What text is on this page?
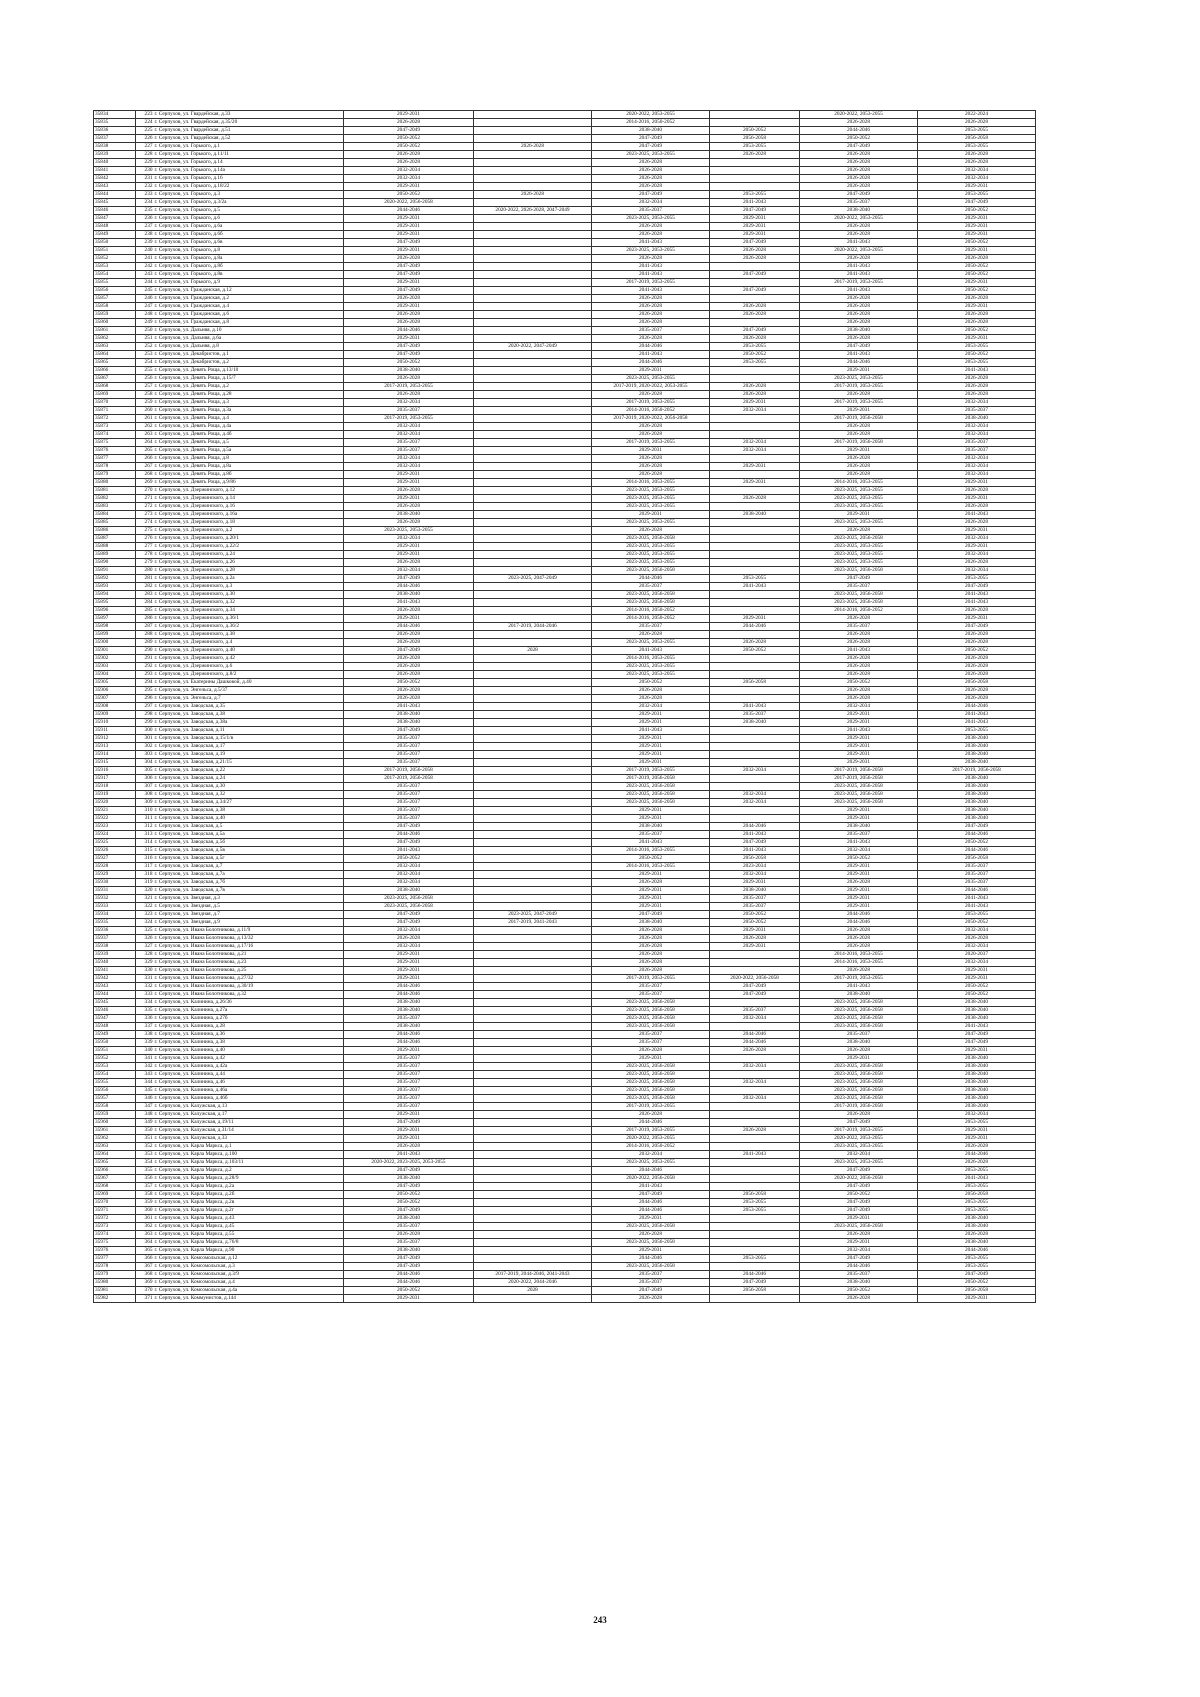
35834	223	г. Серпухов, ул. Гвардейская, д.33	2029-2031		2020-2022, 2053-2055		2020-2022, 2053-2055	2022-2024
35835	224	г. Серпухов, ул. Гвардейская, д.35/20	2026-2028		2014-2016, 2050-2052		2026-2028	2026-2028
35836	225	г. Серпухов, ул. Гвардейская, д.51	2047-2049		2038-2040	2050-2052	2044-2046	2053-2055
35837	226	г. Серпухов, ул. Гвардейская, д.52	2050-2052		2047-2049	2056-2058	2050-2052	2056-2058
35838	227	г. Серпухов, ул. Горького, д.1	2050-2052	2026-2028	2047-2049	2053-2055	2047-2049	2053-2055
35839	228	г. Серпухов, ул. Горького, д.11/11	2026-2028		2023-2025, 2053-2055	2026-2028	2026-2028	2026-2028
35840	229	г. Серпухов, ул. Горького, д.14	2026-2028		2026-2028		2026-2028	2026-2028
35841	230	г. Серпухов, ул. Горького, д.14а	2032-2034		2026-2028		2026-2028	2032-2034
35842	231	г. Серпухов, ул. Горького, д.16	2032-2034		2026-2028		2026-2028	2032-2034
35843	232	г. Серпухов, ул. Горького, д.18/22	2029-2031		2026-2028		2026-2028	2029-2031
35844	233	г. Серпухов, ул. Горького, д.3	2050-2052	2026-2028	2047-2049	2053-2055	2047-2049	2053-2055
35845	234	г. Серпухов, ул. Горького, д.3/2а	2020-2022, 2056-2058		2032-2034	2041-2043	2035-2037	2047-2049
35846	235	г. Серпухов, ул. Горького, д.5	2044-2046	2020-2022, 2026-2028, 2047-2049	2035-2037	2047-2049	2038-2040	2050-2052
35847	236	г. Серпухов, ул. Горького, д.6	2029-2031		2023-2025, 2053-2055	2029-2031	2020-2022, 2053-2055	2029-2031
35848	237	г. Серпухов, ул. Горького, д.6а	2029-2031		2026-2028	2029-2031	2026-2028	2029-2031
35849	238	г. Серпухов, ул. Горького, д.6б	2029-2031		2026-2028	2029-2031	2026-2028	2029-2031
35850	239	г. Серпухов, ул. Горького, д.6в	2047-2049		2041-2043	2047-2049	2041-2043	2050-2052
35851	240	г. Серпухов, ул. Горького, д.8	2029-2031		2023-2025, 2053-2055	2026-2028	2020-2022, 2053-2055	2029-2031
35852	241	г. Серпухов, ул. Горького, д.8а	2026-2028		2026-2028	2026-2028	2026-2028	2026-2028
35853	242	г. Серпухов, ул. Горького, д.8б	2047-2049		2041-2043		2041-2043	2050-2052
35854	243	г. Серпухов, ул. Горького, д.8в	2047-2049		2041-2043	2047-2049	2041-2043	2050-2052
35855	244	г. Серпухов, ул. Горького, д.9	2029-2031		2017-2019, 2053-2055		2017-2019, 2053-2055	2029-2031
35856	245	г. Серпухов, ул. Гражданская, д.12	2047-2049		2041-2043	2047-2049	2041-2043	2050-2052
35857	246	г. Серпухов, ул. Гражданская, д.2	2026-2028		2026-2028		2026-2028	2026-2028
35858	247	г. Серпухов, ул. Гражданская, д.4	2029-2031		2026-2028	2026-2028	2026-2028	2029-2031
35859	248	г. Серпухов, ул. Гражданская, д.6	2026-2028		2026-2028	2026-2028	2026-2028	2026-2028
35860	249	г. Серпухов, ул. Гражданская, д.8	2026-2028		2026-2028		2026-2028	2026-2028
35861	250	г. Серпухов, ул. Дальняя, д.10	2044-2046		2035-2037	2047-2049	2038-2040	2050-2052
35862	251	г. Серпухов, ул. Дальняя, д.6а	2029-2031		2026-2028	2026-2028	2026-2028	2029-2031
35863	252	г. Серпухов, ул. Дальняя, д.8	2047-2049	2020-2022, 2047-2049	2044-2046	2053-2055	2047-2049	2053-2055
35864	253	г. Серпухов, ул. Декабристов, д.1	2047-2049		2041-2043	2050-2052	2041-2043	2050-2052
35865	254	г. Серпухов, ул. Декабристов, д.2	2050-2052		2044-2046	2053-2055	2044-2046	2053-2055
35866	255	г. Серпухов, ул. Девять Роща, д.13/10	2038-2040		2029-2031		2029-2031	2041-2043
35867	256	г. Серпухов, ул. Девять Роща, д.15/7	2026-2028		2023-2025, 2053-2055		2023-2025, 2053-2055	2026-2028
35868	257	г. Серпухов, ул. Девять Роща, д.2	2017-2019, 2053-2055		2017-2019, 2020-2022, 2053-2055	2026-2028	2017-2019, 2053-2055	2026-2028
35869	258	г. Серпухов, ул. Девять Роща, д.28	2026-2028		2026-2028	2026-2028	2026-2028	2026-2028
35870	259	г. Серпухов, ул. Девять Роща, д.3	2032-2034		2017-2019, 2053-2055	2029-2031	2017-2019, 2053-2055	2032-2034
35871	260	г. Серпухов, ул. Девять Роща, д.3а	2035-2037		2014-2016, 2050-2052	2032-2034	2029-2031	2035-2037
35872	261	г. Серпухов, ул. Девять Роща, д.4	2017-2019, 2053-2055		2017-2019, 2020-2022, 2056-2058		2017-2019, 2056-2058	2038-2040
35873	262	г. Серпухов, ул. Девять Роща, д.4а	2032-2034		2026-2028		2026-2028	2032-2034
35874	263	г. Серпухов, ул. Девять Роща, д.4б	2032-2034		2026-2028		2026-2028	2032-2034
35875	264	г. Серпухов, ул. Девять Роща, д.5	2035-2037		2017-2019, 2053-2055	2032-2034	2017-2019, 2056-2058	2035-2037
35876	265	г. Серпухов, ул. Девять Роща, д.5а	2035-2037		2029-2031	2032-2034	2029-2031	2035-2037
35877	266	г. Серпухов, ул. Девять Роща, д.8	2032-2034		2026-2028		2026-2028	2032-2034
35878	267	г. Серпухов, ул. Девять Роща, д.8а	2032-2034		2026-2028	2029-2031	2026-2028	2032-2034
35879	268	г. Серпухов, ул. Девять Роща, д.8б	2029-2031		2026-2028		2026-2028	2032-2034
35880	269	г. Серпухов, ул. Девять Роща, д.9/86	2029-2031		2014-2016, 2053-2055	2029-2031	2014-2016, 2053-2055	2029-2031
35881	270	г. Серпухов, ул. Дзержинского, д.12	2026-2028		2023-2025, 2053-2055		2023-2025, 2053-2055	2026-2028
35882	271	г. Серпухов, ул. Дзержинского, д.14	2029-2031		2023-2025, 2053-2055	2026-2028	2023-2025, 2053-2055	2029-2031
35883	272	г. Серпухов, ул. Дзержинского, д.16	2026-2028		2023-2025, 2053-2055		2023-2025, 2053-2055	2026-2028
35884	273	г. Серпухов, ул. Дзержинского, д.16а	2038-2040		2029-2031	2038-2040	2029-2031	2041-2043
35885	274	г. Серпухов, ул. Дзержинского, д.18	2026-2028		2023-2025, 2053-2055		2023-2025, 2053-2055	2026-2028
35886	275	г. Серпухов, ул. Дзержинского, д.2	2023-2025, 2053-2055		2026-2028		2026-2028	2029-2031
35887	276	г. Серпухов, ул. Дзержинского, д.20/1	2032-2034		2023-2025, 2056-2058		2023-2025, 2056-2058	2032-2034
35888	277	г. Серпухов, ул. Дзержинского, д.22/2	2029-2031		2023-2025, 2053-2055		2023-2025, 2053-2055	2029-2031
35889	278	г. Серпухов, ул. Дзержинского, д.24	2029-2031		2023-2025, 2053-2055		2023-2025, 2053-2055	2032-2034
35890	279	г. Серпухов, ул. Дзержинского, д.26	2026-2028		2023-2025, 2053-2055		2023-2025, 2053-2055	2026-2028
35891	280	г. Серпухов, ул. Дзержинского, д.28	2032-2034		2023-2025, 2056-2058		2023-2025, 2056-2058	2032-2034
35892	281	г. Серпухов, ул. Дзержинского, д.2а	2047-2049	2023-2025, 2047-2049	2044-2046	2053-2055	2047-2049	2053-2055
35893	282	г. Серпухов, ул. Дзержинского, д.3	2044-2046		2035-2037	2041-2043	2035-2037	2047-2049
35894	283	г. Серпухов, ул. Дзержинского, д.30	2038-2040		2023-2025, 2056-2058		2023-2025, 2056-2058	2041-2043
35895	284	г. Серпухов, ул. Дзержинского, д.32	2041-2043		2023-2025, 2056-2058		2023-2025, 2056-2058	2041-2043
35896	285	г. Серпухов, ул. Дзержинского, д.34	2026-2028		2014-2016, 2050-2052		2014-2016, 2050-2052	2026-2028
35897	286	г. Серпухов, ул. Дзержинского, д.36/1	2029-2031		2014-2016, 2050-2052	2029-2031	2026-2028	2029-2031
35898	287	г. Серпухов, ул. Дзержинского, д.36/2	2044-2046	2017-2019, 2044-2046	2035-2037	2044-2046	2035-2037	2047-2049
35899	288	г. Серпухов, ул. Дзержинского, д.38	2026-2028		2026-2028		2026-2028	2026-2028
35900	289	г. Серпухов, ул. Дзержинского, д.4	2026-2028		2023-2025, 2053-2055	2026-2028	2026-2028	2026-2028
35901	290	г. Серпухов, ул. Дзержинского, д.40	2047-2049	2028	2041-2043	2050-2052	2041-2043	2050-2052
35902	291	г. Серпухов, ул. Дзержинского, д.42	2026-2028		2014-2016, 2053-2055		2026-2028	2026-2028
35903	292	г. Серпухов, ул. Дзержинского, д.6	2026-2028		2023-2025, 2053-2055		2026-2028	2026-2028
35904	293	г. Серпухов, ул. Дзержинского, д.8/2	2026-2028		2023-2025, 2053-2055		2026-2028	2026-2028
35905	294	г. Серпухов, ул. Екатерины Дашковой, д.40	2050-2052		2050-2052	2056-2058	2050-2052	2056-2058
35906	295	г. Серпухов, ул. Энгельса, д.5/37	2026-2028		2026-2028		2026-2028	2026-2028
35907	296	г. Серпухов, ул. Энгельса, д.7	2026-2028		2026-2028		2026-2028	2026-2028
35908	297	г. Серпухов, ул. Заводская, д.35	2041-2043		2032-2034	2041-2043	2032-2034	2044-2046
35909	298	г. Серпухов, ул. Заводская, д.38	2038-2040		2029-2031	2035-2037	2029-2031	2041-2043
35910	299	г. Серпухов, ул. Заводская, д.38а	2038-2040		2029-2031	2038-2040	2029-2031	2041-2043
35911	300	г. Серпухов, ул. Заводская, д.11	2047-2049		2041-2043		2041-2043	2053-2055
35912	301	г. Серпухов, ул. Заводская, д.15/1/в	2035-2037		2029-2031		2029-2031	2038-2040
35913	302	г. Серпухов, ул. Заводская, д.17	2035-2037		2029-2031		2029-2031	2038-2040
35914	303	г. Серпухов, ул. Заводская, д.19	2035-2037		2029-2031		2029-2031	2038-2040
35915	304	г. Серпухов, ул. Заводская, д.21/15	2035-2037		2029-2031		2029-2031	2038-2040
35916	305	г. Серпухов, ул. Заводская, д.22	2017-2019, 2056-2058		2017-2019, 2053-2055	2032-2034	2017-2019, 2056-2058	2017-2019, 2056-2058
35917	306	г. Серпухов, ул. Заводская, д.24	2017-2019, 2056-2058		2017-2019, 2056-2058		2017-2019, 2056-2058	2038-2040
35918	307	г. Серпухов, ул. Заводская, д.30	2035-2037		2023-2025, 2056-2058		2023-2025, 2056-2058	2038-2040
35919	308	г. Серпухов, ул. Заводская, д.32	2035-2037		2023-2025, 2056-2058	2032-2034	2023-2025, 2056-2058	2038-2040
35920	309	г. Серпухов, ул. Заводская, д.34/27	2035-2037		2023-2025, 2056-2058	2032-2034	2023-2025, 2056-2058	2038-2040
35921	310	г. Серпухов, ул. Заводская, д.38	2035-2037		2029-2031		2029-2031	2038-2040
35922	311	г. Серпухов, ул. Заводская, д.40	2035-2037		2029-2031		2029-2031	2038-2040
35923	312	г. Серпухов, ул. Заводская, д.5	2047-2049		2038-2040	2044-2046	2038-2040	2047-2049
35924	313	г. Серпухов, ул. Заводская, д.5а	2044-2046		2035-2037	2041-2043	2035-2037	2044-2046
35925	314	г. Серпухов, ул. Заводская, д.5б	2047-2049		2041-2043	2047-2049	2041-2043	2050-2052
35926	315	г. Серпухов, ул. Заводская, д.5в	2041-2043		2014-2016, 2053-2055	2041-2043	2032-2034	2044-2046
35927	316	г. Серпухов, ул. Заводская, д.5г	2050-2052		2050-2052	2056-2058	2050-2052	2056-2058
35928	317	г. Серпухов, ул. Заводская, д.7	2032-2034		2014-2016, 2053-2055	2023-2034	2029-2031	2035-2037
35929	318	г. Серпухов, ул. Заводская, д.7а	2032-2034		2029-2031	2032-2034	2029-2031	2035-2037
35930	319	г. Серпухов, ул. Заводская, д.7б	2032-2034		2026-2028	2029-2031	2026-2028	2035-2037
35931	320	г. Серпухов, ул. Заводская, д.7в	2038-2040		2029-2031	2038-2040	2029-2031	2044-2046
35932	321	г. Серпухов, ул. Звездная, д.3	2023-2025, 2056-2058		2029-2031	2035-2037	2029-2031	2041-2043
35933	322	г. Серпухов, ул. Звездная, д.5	2023-2025, 2056-2058		2029-2031	2035-2037	2029-2031	2041-2043
35934	323	г. Серпухов, ул. Звездная, д.7	2047-2049	2023-2025, 2047-2049	2047-2049	2050-2052	2044-2046	2053-2055
35935	324	г. Серпухов, ул. Звездная, д.9	2047-2049	2017-2019, 2041-2043	2038-2040	2050-2052	2044-2046	2050-2052
35936	325	г. Серпухов, ул. Ивана Болотникова, д.11/9	2032-2034		2026-2028	2029-2031	2026-2028	2032-2034
35937	326	г. Серпухов, ул. Ивана Болотникова, д.13/32	2026-2028		2026-2028	2026-2028	2026-2028	2026-2028
35938	327	г. Серпухов, ул. Ивана Болотникова, д.17/16	2032-2034		2026-2028	2029-2031	2026-2028	2032-2034
35939	328	г. Серпухов, ул. Ивана Болотникова, д.21	2029-2031		2026-2028		2014-2016, 2053-2055	2020-2037
35940	329	г. Серпухов, ул. Ивана Болотникова, д.23	2029-2031		2026-2028		2014-2016, 2053-2055	2032-2034
35941	330	г. Серпухов, ул. Ивана Болотникова, д.25	2029-2031		2026-2028		2026-2028	2029-2031
35942	331	г. Серпухов, ул. Ивана Болотникова, д.27/32	2029-2031		2017-2019, 2053-2055	2020-2022, 2056-2058	2017-2019, 2053-2055	2029-2031
35943	332	г. Серпухов, ул. Ивана Болотникова, д.30/19	2044-2046		2035-2037	2047-2049	2041-2043	2050-2052
35944	333	г. Серпухов, ул. Ивана Болотникова, д.32	2044-2046		2035-2037	2047-2049	2038-2040	2050-2052
35945	334	г. Серпухов, ул. Калинина, д.26/36	2038-2040		2023-2025, 2056-2058		2023-2025, 2056-2058	2038-2040
35946	335	г. Серпухов, ул. Калинина, д.27а	2038-2040		2023-2025, 2056-2058	2035-2037	2023-2025, 2056-2058	2038-2040
35947	336	г. Серпухов, ул. Калинина, д.27б	2035-2037		2023-2025, 2056-2058	2032-2034	2023-2025, 2056-2058	2038-2040
35948	337	г. Серпухов, ул. Калинина, д.28	2038-2040		2023-2025, 2056-2058		2023-2025, 2056-2058	2041-2043
35949	338	г. Серпухов, ул. Калинина, д.36	2044-2046		2035-2037	2044-2046	2035-2037	2047-2049
35950	339	г. Серпухов, ул. Калинина, д.38	2044-2046		2035-2037	2044-2046	2038-2040	2047-2049
35951	340	г. Серпухов, ул. Калинина, д.40	2029-2031		2026-2028	2026-2028	2026-2028	2029-2031
35952	341	г. Серпухов, ул. Калинина, д.42	2035-2037		2029-2031		2029-2031	2038-2040
35953	342	г. Серпухов, ул. Калинина, д.42а	2035-2037		2023-2025, 2056-2058	2032-2034	2023-2025, 2056-2058	2038-2040
35954	343	г. Серпухов, ул. Калинина, д.44	2035-2037		2023-2025, 2056-2058		2023-2025, 2056-2058	2038-2040
35955	344	г. Серпухов, ул. Калинина, д.46	2035-2037		2023-2025, 2056-2058	2032-2034	2023-2025, 2056-2058	2038-2040
35956	345	г. Серпухов, ул. Калинина, д.46а	2035-2037		2023-2025, 2056-2058		2023-2025, 2056-2058	2038-2040
35957	346	г. Серпухов, ул. Калинина, д.46б	2035-2037		2023-2025, 2056-2058	2032-2034	2023-2025, 2056-2058	2038-2040
35958	347	г. Серпухов, ул. Калужская, д.13	2035-2037		2017-2019, 2053-2055		2017-2019, 2056-2058	2038-2040
35959	348	г. Серпухов, ул. Калужская, д.17	2029-2031		2026-2028		2026-2028	2032-2034
35960	349	г. Серпухов, ул. Калужская, д.19/11	2047-2049		2044-2046		2047-2049	2053-2055
35961	350	г. Серпухов, ул. Калужская, д.31/14	2029-2031		2017-2019, 2053-2055	2026-2028	2017-2019, 2053-2055	2029-2031
35962	351	г. Серпухов, ул. Калужская, д.33	2029-2031		2020-2022, 2053-2055		2020-2022, 2053-2055	2029-2031
35963	352	г. Серпухов, ул. Карла Маркса, д.1	2026-2028		2014-2016, 2050-2052		2023-2025, 2053-2055	2026-2028
35964	353	г. Серпухов, ул. Карла Маркса, д.100	2041-2043		2032-2034	2041-2043	2032-2034	2044-2046
35965	354	г. Серпухов, ул. Карла Маркса, д.103/11	2020-2022, 2023-2025, 2053-2055		2023-2025, 2053-2055		2023-2025, 2053-2055	2026-2028
35966	355	г. Серпухов, ул. Карла Маркса, д.2	2047-2049		2044-2046		2047-2049	2053-2055
35967	356	г. Серпухов, ул. Карла Маркса, д.28/9	2038-2040		2020-2022, 2056-2058		2020-2022, 2056-2058	2041-2043
35968	357	г. Серпухов, ул. Карла Маркса, д.2а	2047-2049		2041-2043		2047-2049	2053-2055
35969	358	г. Серпухов, ул. Карла Маркса, д.2б	2050-2052		2047-2049	2056-2058	2050-2052	2056-2058
35970	359	г. Серпухов, ул. Карла Маркса, д.2в	2050-2052		2044-2046	2053-2055	2047-2049	2053-2055
35971	360	г. Серпухов, ул. Карла Маркса, д.2г	2047-2049		2044-2046	2053-2055	2047-2049	2053-2055
35972	361	г. Серпухов, ул. Карла Маркса, д.43	2038-2040		2029-2031		2029-2031	2038-2040
35973	362	г. Серпухов, ул. Карла Маркса, д.45	2035-2037		2023-2025, 2056-2058		2023-2025, 2056-2058	2038-2040
35974	363	г. Серпухов, ул. Карла Маркса, д.55	2026-2028		2026-2028		2026-2028	2026-2028
35975	364	г. Серпухов, ул. Карла Маркса, д.76/8	2035-2037		2023-2025, 2056-2058		2029-2031	2038-2040
35976	365	г. Серпухов, ул. Карла Маркса, д.90	2038-2040		2029-2031		2032-2034	2044-2046
35977	366	г. Серпухов, ул. Комсомольская, д.12	2047-2049		2044-2046	2053-2055	2047-2049	2053-2055
35978	367	г. Серпухов, ул. Комсомольская, д.3	2047-2049		2023-2025, 2056-2058		2044-2046	2053-2055
35979	368	г. Серпухов, ул. Комсомольская, д.3/9	2044-2046	2017-2019, 2044-2046, 2041-2043	2035-2037	2044-2046	2035-2037	2047-2049
35980	369	г. Серпухов, ул. Комсомольская, д.4	2044-2046	2020-2022, 2044-2046	2035-2037	2047-2049	2038-2040	2050-2052
35981	370	г. Серпухов, ул. Комсомольская, д.4а	2050-2052	2028	2047-2049	2056-2058	2050-2052	2056-2058
35982	371	г. Серпухов, ул. Коммунистов, д.144	2029-2031		2026-2028		2026-2028	2029-2031
243
